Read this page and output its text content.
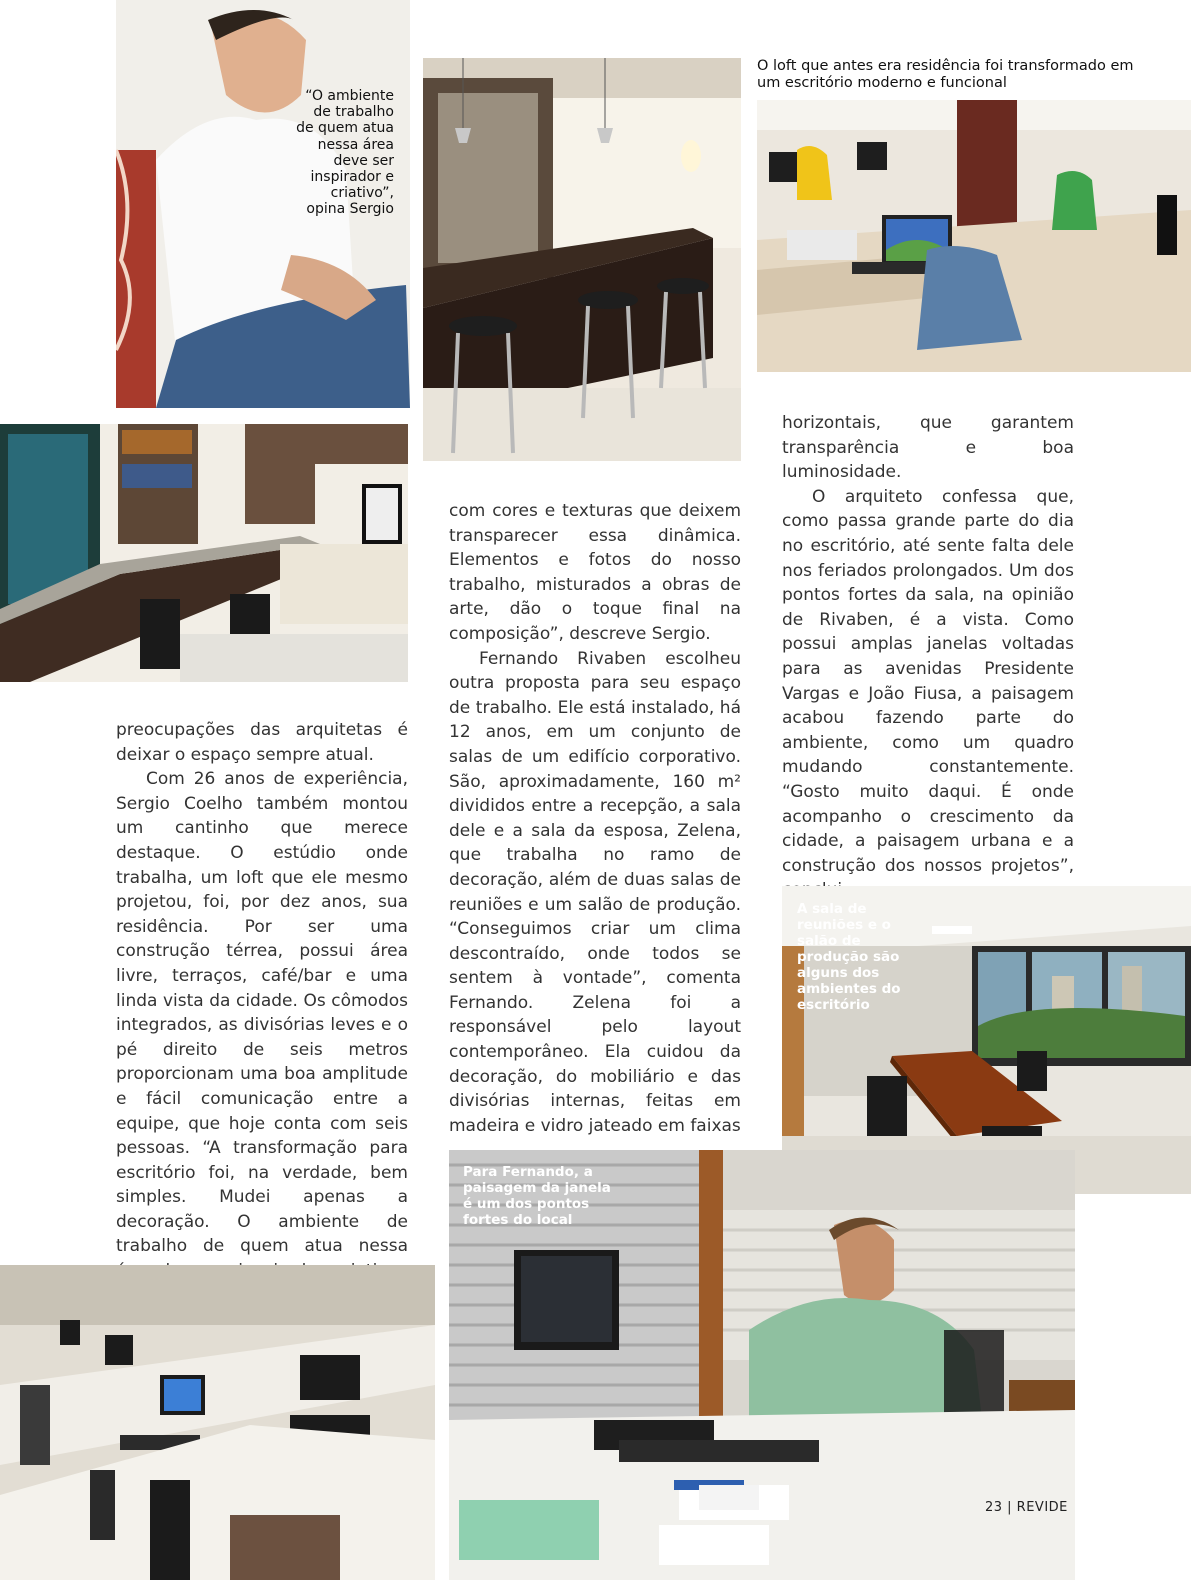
“O ambiente de trabalho de quem atua nessa área deve ser inspirador e criativo”, opina Sergio
O loft que antes era residência foi transformado em um escritório moderno e funcional

preocupações das arquitetas é deixar o espaço sempre atual.

Com 26 anos de experiência, Sergio Coelho também montou um cantinho que merece destaque. O estúdio onde trabalha, um loft que ele mesmo projetou, foi, por dez anos, sua residência. Por ser uma construção térrea, possui área livre, terraços, café/bar e uma linda vista da cidade. Os cômodos integrados, as divisórias leves e o pé direito de seis metros proporcionam uma boa amplitude e fácil comunicação entre a equipe, que hoje conta com seis pessoas. “A transformação para escritório foi, na verdade, bem simples. Mudei apenas a decoração. O ambiente de trabalho de quem atua nessa

com cores e texturas que deixem transparecer essa dinâmica. Elementos e fotos do nosso trabalho, misturados a obras de arte, dão o toque final na composição”, descreve Sergio.

Fernando Rivaben escolheu outra proposta para seu espaço de trabalho. Ele está instalado, há 12 anos, em um conjunto de salas de um edifício corporativo. São, aproximadamente, 160 m² divididos entre a recepção, a sala dele e a sala da esposa, Zelena, que trabalha no ramo de decoração, além de duas salas de reuniões e um salão de produção. “Conseguimos criar um clima descontraído, onde todos se sentem à vontade”, comenta Fernando. Zelena foi a responsável pelo layout contemporâneo. Ela cuidou da decoração, do mobiliário e das divisórias internas, feitas em madeira e vidro jateado em faixas

horizontais, que garantem transparência e boa luminosidade.

O arquiteto confessa que, como passa grande parte do dia no escritório, até sente falta dele nos feriados prolongados. Um dos pontos fortes da sala, na opinião de Rivaben, é a vista. Como possui amplas janelas voltadas para as avenidas Presidente Vargas e João Fiusa, a paisagem acabou fazendo parte do ambiente, como um quadro mudando constantemente. “Gosto muito daqui. É onde acompanho o crescimento da cidade, a paisagem urbana e a construção dos nossos projetos”,

A sala de reuniões e o salão de produção são alguns dos ambientes do escritório
Para Fernando, a paisagem da janela é um dos pontos fortes do local
23 | REVIDE
